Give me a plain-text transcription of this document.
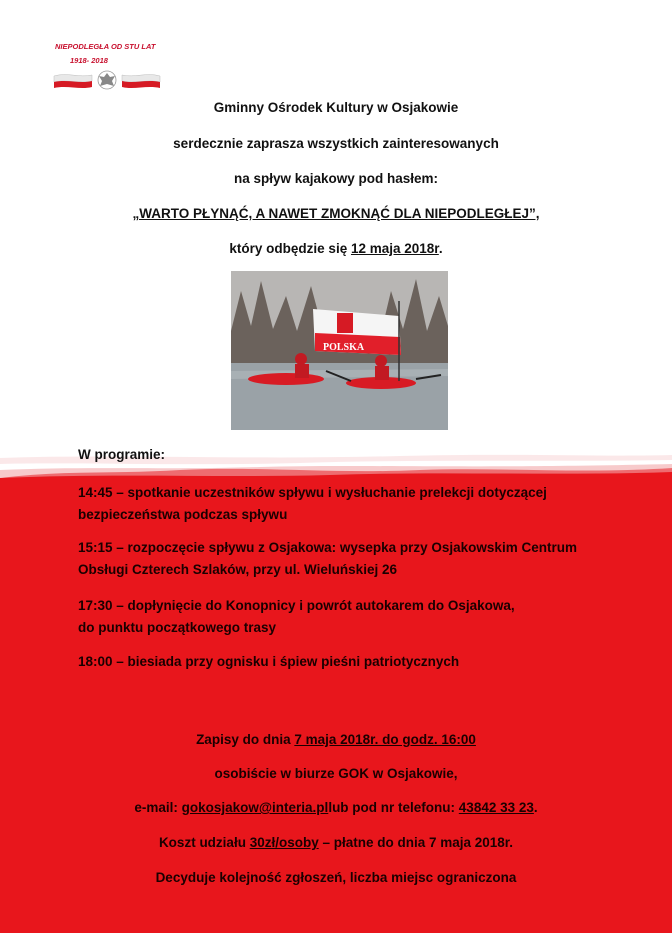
NIEPODLEGŁA OD STU LAT
1918- 2018
Gminny Ośrodek Kultury w Osjakowie
serdecznie zaprasza wszystkich zainteresowanych
na spływ kajakowy pod hasłem:
„WARTO PŁYNĄĆ, A NAWET ZMOKNĄĆ DLA NIEPODLEGŁEJ”,
który odbędzie się 12 maja 2018r.
POLSKA
W programie:
14:45 – spotkanie uczestników spływu i wysłuchanie prelekcji dotyczącej
bezpieczeństwa podczas spływu
15:15 – rozpoczęcie spływu z Osjakowa: wysepka przy Osjakowskim Centrum
Obsługi Czterech Szlaków, przy ul. Wieluńskiej 26
17:30 – dopłynięcie do Konopnicy i powrót autokarem do Osjakowa,
do punktu początkowego trasy
18:00 – biesiada przy ognisku i śpiew pieśni patriotycznych
Zapisy do dnia 7 maja 2018r. do godz. 16:00
osobiście w biurze GOK w Osjakowie,
e-mail: gokosjakow@interia.pllub pod nr telefonu: 43842 33 23.
Koszt udziału 30zł/osoby – płatne do dnia 7 maja 2018r.
Decyduje kolejność zgłoszeń, liczba miejsc ograniczona
